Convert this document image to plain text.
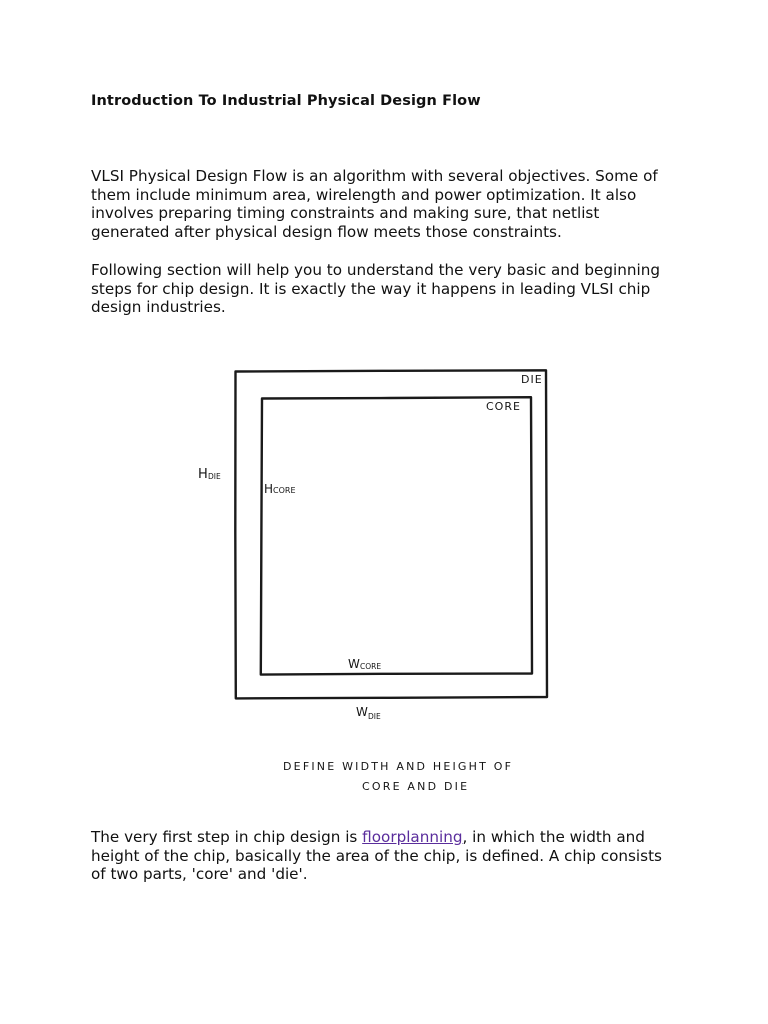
Introduction To Industrial Physical Design Flow

VLSI Physical Design Flow is an algorithm with several objectives. Some of
them include minimum area, wirelength and power optimization. It also
involves preparing timing constraints and making sure, that netlist
generated after physical design flow meets those constraints.

Following section will help you to understand the very basic and beginning
steps for chip design. It is exactly the way it happens in leading VLSI chip
design industries.

DIE
CORE
H DIE
H CORE
W CORE
W DIE
DEFINE WIDTH AND HEIGHT OF
CORE AND DIE

The very first step in chip design is floorplanning, in which the width and
height of the chip, basically the area of the chip, is defined. A chip consists
of two parts, 'core' and 'die'.
